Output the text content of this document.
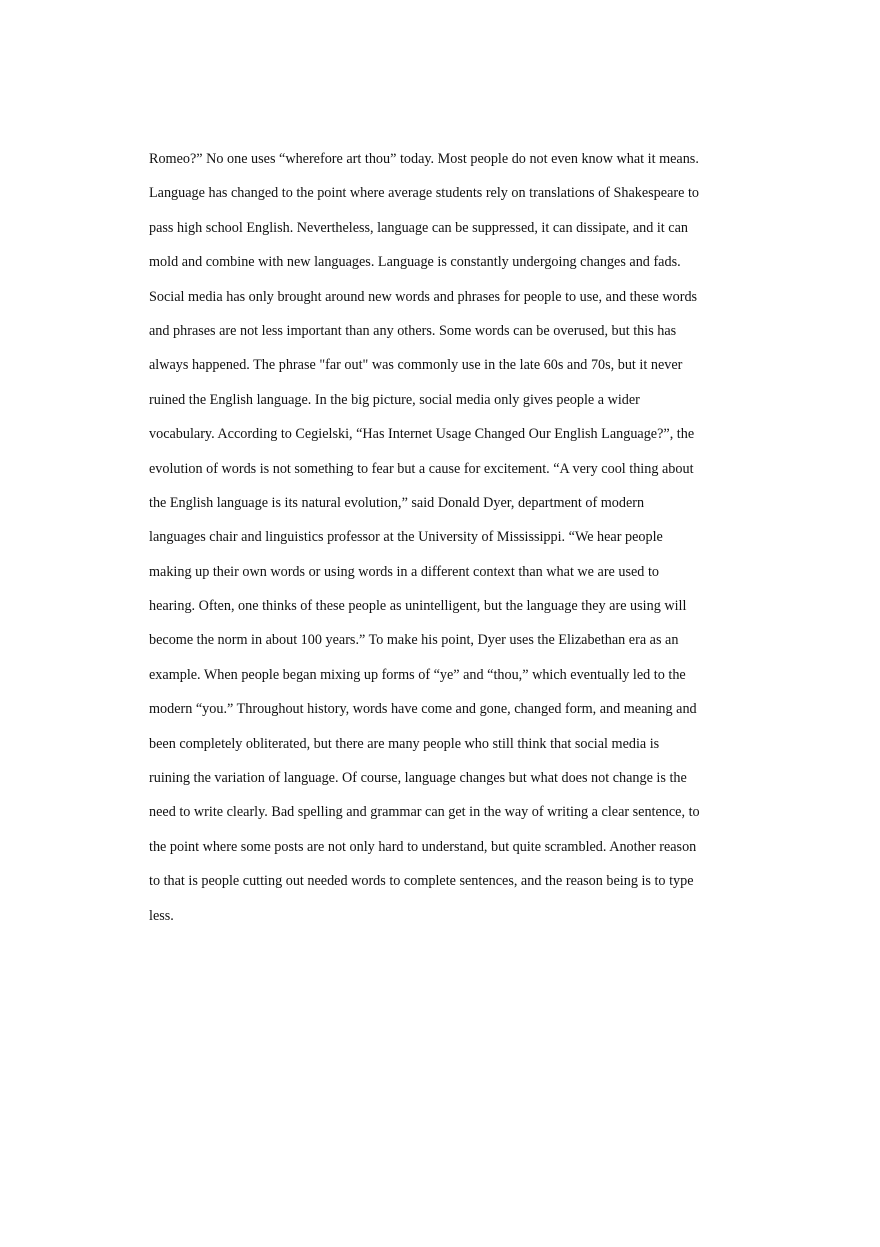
Romeo?” No one uses “wherefore art thou” today. Most people do not even know what it means.
Language has changed to the point where average students rely on translations of Shakespeare to
pass high school English. Nevertheless, language can be suppressed, it can dissipate, and it can
mold and combine with new languages. Language is constantly undergoing changes and fads.
Social media has only brought around new words and phrases for people to use, and these words
and phrases are not less important than any others. Some words can be overused, but this has
always happened. The phrase "far out" was commonly use in the late 60s and 70s, but it never
ruined the English language. In the big picture, social media only gives people a wider
vocabulary. According to Cegielski, “Has Internet Usage Changed Our English Language?”, the
evolution of words is not something to fear but a cause for excitement. “A very cool thing about
the English language is its natural evolution,” said Donald Dyer, department of modern
languages chair and linguistics professor at the University of Mississippi. “We hear people
making up their own words or using words in a different context than what we are used to
hearing. Often, one thinks of these people as unintelligent, but the language they are using will
become the norm in about 100 years.” To make his point, Dyer uses the Elizabethan era as an
example. When people began mixing up forms of “ye” and “thou,” which eventually led to the
modern “you.” Throughout history, words have come and gone, changed form, and meaning and
been completely obliterated, but there are many people who still think that social media is
ruining the variation of language. Of course, language changes but what does not change is the
need to write clearly. Bad spelling and grammar can get in the way of writing a clear sentence, to
the point where some posts are not only hard to understand, but quite scrambled. Another reason
to that is people cutting out needed words to complete sentences, and the reason being is to type
less.
